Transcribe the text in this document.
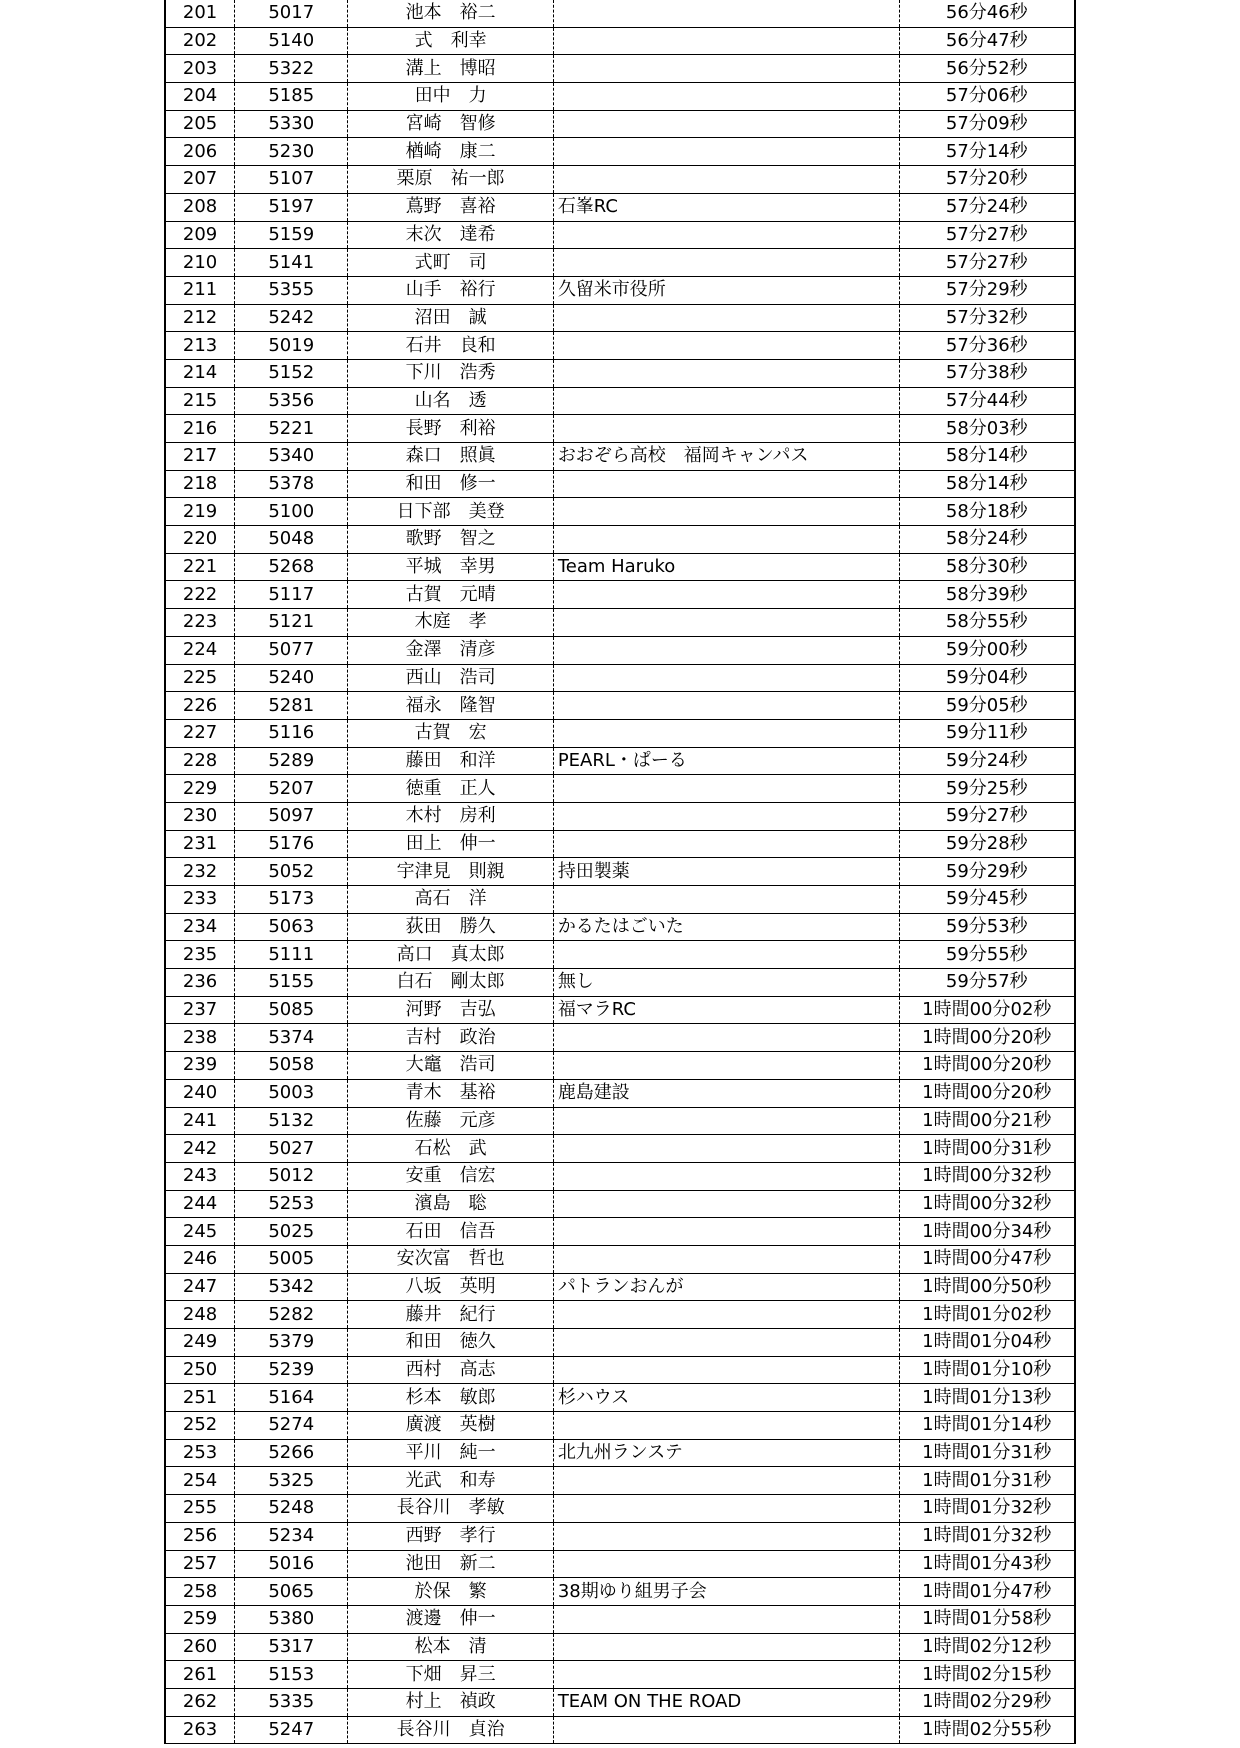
201	5017	池本　裕二		56分46秒
202	5140	式　利幸		56分47秒
203	5322	溝上　博昭		56分52秒
204	5185	田中　力		57分06秒
205	5330	宮崎　智修		57分09秒
206	5230	楢崎　康二		57分14秒
207	5107	栗原　祐一郎		57分20秒
208	5197	蔦野　喜裕	石峯RC	57分24秒
209	5159	末次　達希		57分27秒
210	5141	式町　司		57分27秒
211	5355	山手　裕行	久留米市役所	57分29秒
212	5242	沼田　誠		57分32秒
213	5019	石井　良和		57分36秒
214	5152	下川　浩秀		57分38秒
215	5356	山名　透		57分44秒
216	5221	長野　利裕		58分03秒
217	5340	森口　照眞	おおぞら高校　福岡キャンパス	58分14秒
218	5378	和田　修一		58分14秒
219	5100	日下部　美登		58分18秒
220	5048	歌野　智之		58分24秒
221	5268	平城　幸男	Team Haruko	58分30秒
222	5117	古賀　元晴		58分39秒
223	5121	木庭　孝		58分55秒
224	5077	金澤　清彦		59分00秒
225	5240	西山　浩司		59分04秒
226	5281	福永　隆智		59分05秒
227	5116	古賀　宏		59分11秒
228	5289	藤田　和洋	PEARL・ぱーる	59分24秒
229	5207	徳重　正人		59分25秒
230	5097	木村　房利		59分27秒
231	5176	田上　伸一		59分28秒
232	5052	宇津見　則親	持田製薬	59分29秒
233	5173	高石　洋		59分45秒
234	5063	荻田　勝久	かるたはごいた	59分53秒
235	5111	高口　真太郎		59分55秒
236	5155	白石　剛太郎	無し	59分57秒
237	5085	河野　吉弘	福マラRC	1時間00分02秒
238	5374	吉村　政治		1時間00分20秒
239	5058	大竈　浩司		1時間00分20秒
240	5003	青木　基裕	鹿島建設	1時間00分20秒
241	5132	佐藤　元彦		1時間00分21秒
242	5027	石松　武		1時間00分31秒
243	5012	安重　信宏		1時間00分32秒
244	5253	濱島　聡		1時間00分32秒
245	5025	石田　信吾		1時間00分34秒
246	5005	安次富　哲也		1時間00分47秒
247	5342	八坂　英明	パトランおんが	1時間00分50秒
248	5282	藤井　紀行		1時間01分02秒
249	5379	和田　徳久		1時間01分04秒
250	5239	西村　高志		1時間01分10秒
251	5164	杉本　敏郎	杉ハウス	1時間01分13秒
252	5274	廣渡　英樹		1時間01分14秒
253	5266	平川　純一	北九州ランステ	1時間01分31秒
254	5325	光武　和寿		1時間01分31秒
255	5248	長谷川　孝敏		1時間01分32秒
256	5234	西野　孝行		1時間01分32秒
257	5016	池田　新二		1時間01分43秒
258	5065	於保　繁	38期ゆり組男子会	1時間01分47秒
259	5380	渡邊　伸一		1時間01分58秒
260	5317	松本　清		1時間02分12秒
261	5153	下畑　昇三		1時間02分15秒
262	5335	村上　禎政	TEAM ON THE ROAD	1時間02分29秒
263	5247	長谷川　貞治		1時間02分55秒
